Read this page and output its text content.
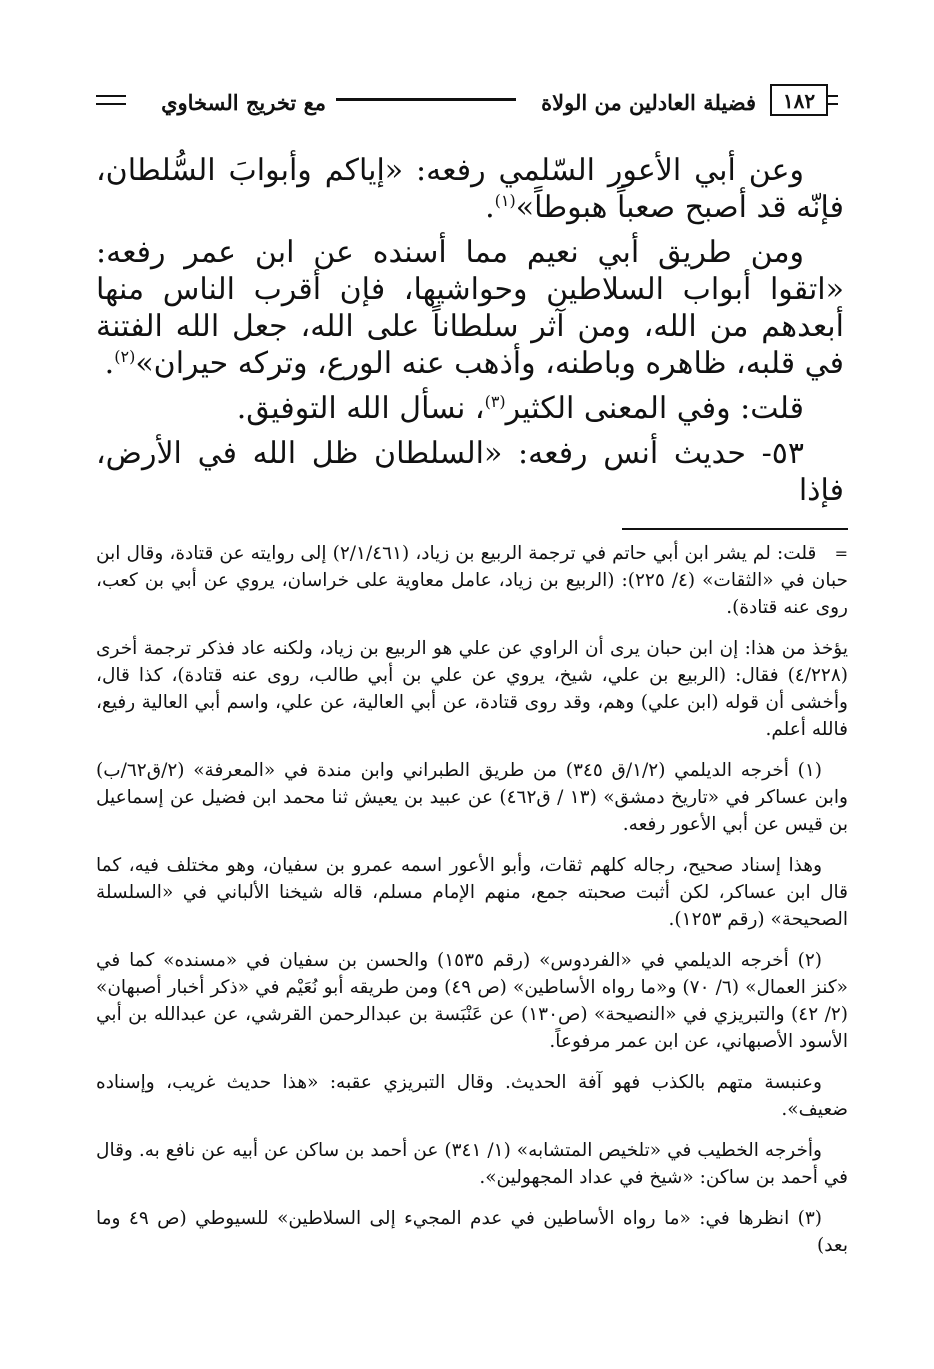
١٨٢
فضيلة العادلين من الولاة
مع تخريج السخاوي

وعن أبي الأعور السّلمي رفعه: «إياكم وأبوابَ السُّلطان، فإنّه قد أصبح صعباً هبوطاً»$^{(١)}$.

ومن طريق أبي نعيم مما أسنده عن ابن عمر رفعه: «اتقوا أبواب السلاطين وحواشيها، فإن أقرب الناس منها أبعدهم من الله، ومن آثر سلطاناً على الله، جعل الله الفتنة في قلبه، ظاهره وباطنه، وأذهب عنه الورع، وتركه حيران»$^{(٢)}$.

قلت: وفي المعنى الكثير$^{(٣)}$، نسأل الله التوفيق.

٥٣- حديث أنس رفعه: «السلطان ظل الله في الأرض، فإذا

=   قلت: لم يشر ابن أبي حاتم في ترجمة الربيع بن زياد، (٢/١/٤٦١) إلى روايته عن قتادة، وقال ابن حبان في «الثقات» (٤/ ٢٢٥): (الربيع بن زياد، عامل معاوية على خراسان، يروي عن أبي بن كعب، روى عنه قتادة).

يؤخذ من هذا: إن ابن حبان يرى أن الراوي عن علي هو الربيع بن زياد، ولكنه عاد فذكر ترجمة أخرى (٤/٢٢٨) فقال: (الربيع بن علي، شيخ، يروي عن علي بن أبي طالب، روى عنه قتادة)، كذا قال، وأخشى أن قوله (ابن علي) وهم، وقد روى قتادة، عن أبي العالية، عن علي، واسم أبي العالية رفيع، فالله أعلم.

(١) أخرجه الديلمي (١/٢/ق ٣٤٥) من طريق الطبراني وابن مندة في «المعرفة» (٢/ق٦٢/ب) وابن عساكر في «تاريخ دمشق» (١٣ / ق٤٦٢) عن عبيد بن يعيش ثنا محمد ابن فضيل عن إسماعيل بن قيس عن أبي الأعور رفعه.

وهذا إسناد صحيح، رجاله كلهم ثقات، وأبو الأعور اسمه عمرو بن سفيان، وهو مختلف فيه، كما قال ابن عساكر، لكن أثبت صحبته جمع، منهم الإمام مسلم، قاله شيخنا الألباني في «السلسلة الصحيحة» (رقم ١٢٥٣).

(٢) أخرجه الديلمي في «الفردوس» (رقم ١٥٣٥) والحسن بن سفيان في «مسنده» كما في «كنز العمال» (٦/ ٧٠) و«ما رواه الأساطين» (ص ٤٩) ومن طريقه أبو نُعَيْم في «ذكر أخبار أصبهان» (٢/ ٤٢) والتبريزي في «النصيحة» (ص١٣٠) عن عَنْبَسة بن عبدالرحمن القرشي، عن عبدالله بن أبي الأسود الأصبهاني، عن ابن عمر مرفوعاً.

وعنبسة متهم بالكذب فهو آفة الحديث. وقال التبريزي عقبه: «هذا حديث غريب، وإسناده ضعيف».

وأخرجه الخطيب في «تلخيص المتشابه» (١/ ٣٤١) عن أحمد بن ساكن عن أبيه عن نافع به. وقال في أحمد بن ساكن: «شيخ في عداد المجهولين».

(٣) انظرها في: «ما رواه الأساطين في عدم المجيء إلى السلاطين» للسيوطي (ص ٤٩ وما بعد)
